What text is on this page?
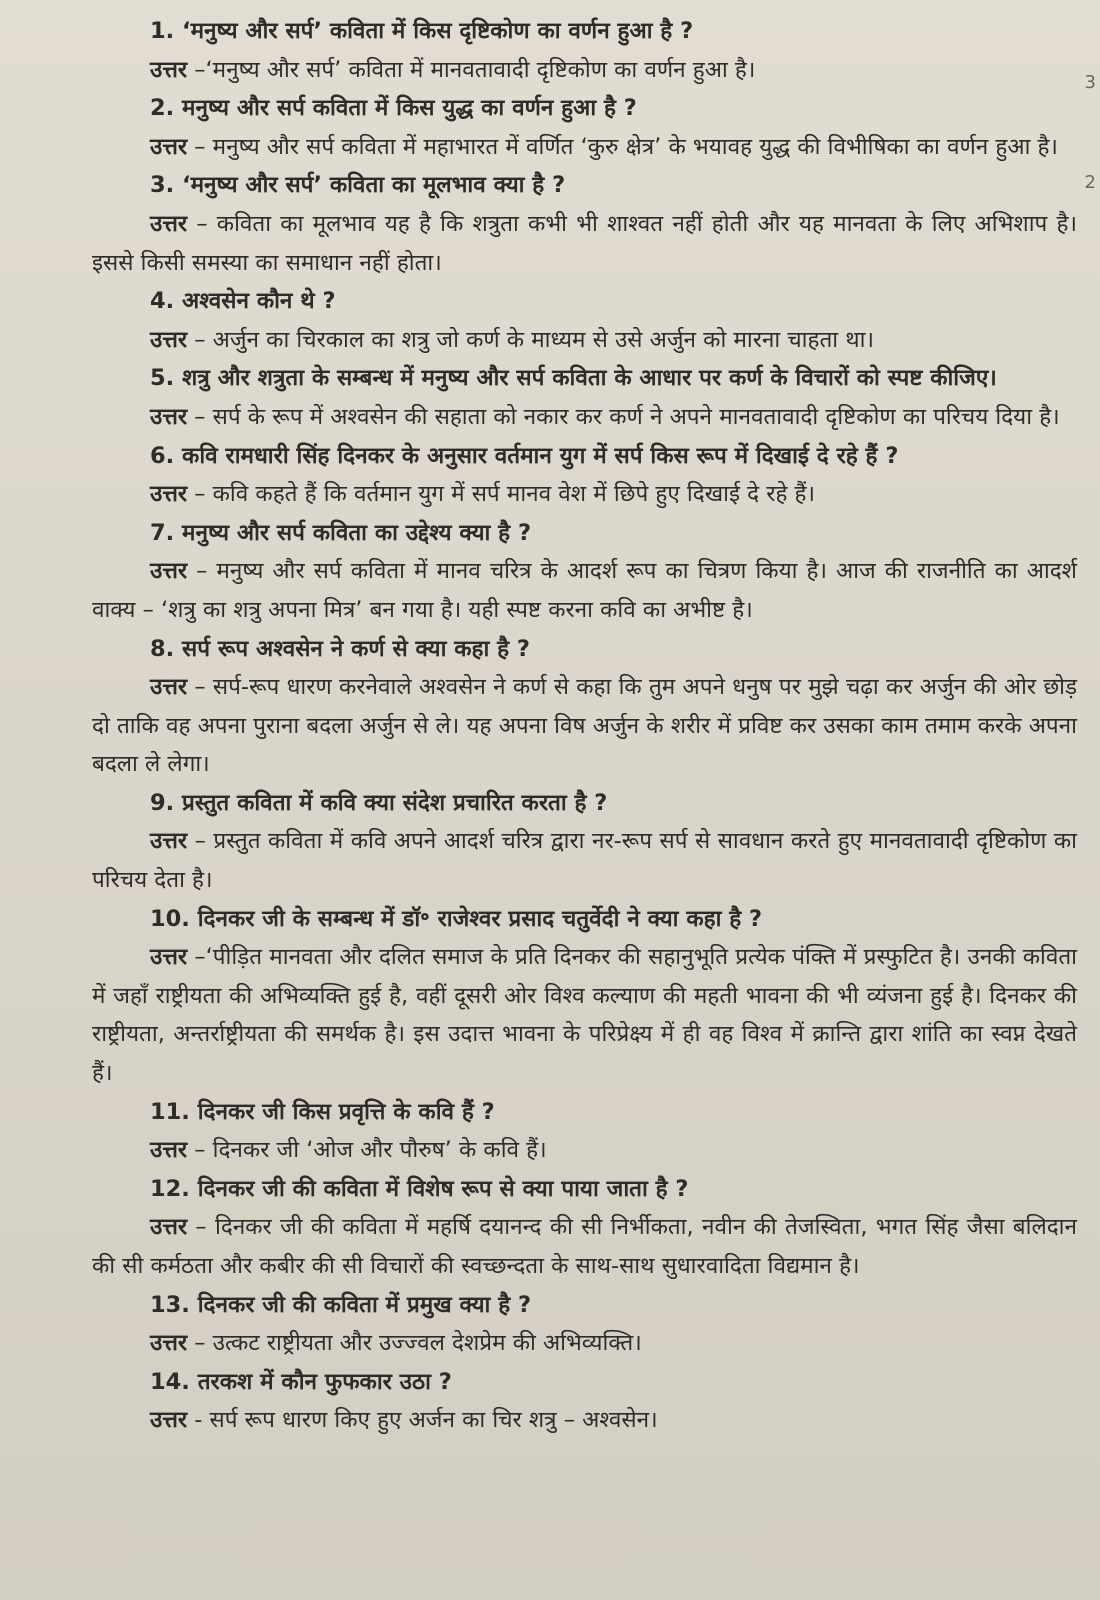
3
2

1. ‘मनुष्य और सर्प’ कविता में किस दृष्टिकोण का वर्णन हुआ है ?

उत्तर –‘मनुष्य और सर्प’ कविता में मानवतावादी दृष्टिकोण का वर्णन हुआ है।

2. मनुष्य और सर्प कविता में किस युद्ध का वर्णन हुआ है ?

उत्तर – मनुष्य और सर्प कविता में महाभारत में वर्णित ‘कुरु क्षेत्र’ के भयावह युद्ध की विभीषिका का वर्णन हुआ है।

3. ‘मनुष्य और सर्प’ कविता का मूलभाव क्या है ?

उत्तर – कविता का मूलभाव यह है कि शत्रुता कभी भी शाश्वत नहीं होती और यह मानवता के लिए अभिशाप है। इससे किसी समस्या का समाधान नहीं होता।

4. अश्वसेन कौन थे ?

उत्तर – अर्जुन का चिरकाल का शत्रु जो कर्ण के माध्यम से उसे अर्जुन को मारना चाहता था।

5. शत्रु और शत्रुता के सम्बन्ध में मनुष्य और सर्प कविता के आधार पर कर्ण के विचारों को स्पष्ट कीजिए।

उत्तर – सर्प के रूप में अश्वसेन की सहाता को नकार कर कर्ण ने अपने मानवतावादी दृष्टिकोण का परिचय दिया है।

6. कवि रामधारी सिंह दिनकर के अनुसार वर्तमान युग में सर्प किस रूप में दिखाई दे रहे हैं ?

उत्तर – कवि कहते हैं कि वर्तमान युग में सर्प मानव वेश में छिपे हुए दिखाई दे रहे हैं।

7. मनुष्य और सर्प कविता का उद्देश्य क्या है ?

उत्तर – मनुष्य और सर्प कविता में मानव चरित्र के आदर्श रूप का चित्रण किया है। आज की राजनीति का आदर्श वाक्य – ‘शत्रु का शत्रु अपना मित्र’ बन गया है। यही स्पष्ट करना कवि का अभीष्ट है।

8. सर्प रूप अश्वसेन ने कर्ण से क्या कहा है ?

उत्तर – सर्प-रूप धारण करनेवाले अश्वसेन ने कर्ण से कहा कि तुम अपने धनुष पर मुझे चढ़ा कर अर्जुन की ओर छोड़ दो ताकि वह अपना पुराना बदला अर्जुन से ले। यह अपना विष अर्जुन के शरीर में प्रविष्ट कर उसका काम तमाम करके अपना बदला ले लेगा।

9. प्रस्तुत कविता में कवि क्या संदेश प्रचारित करता है ?

उत्तर – प्रस्तुत कविता में कवि अपने आदर्श चरित्र द्वारा नर-रूप सर्प से सावधान करते हुए मानवतावादी दृष्टिकोण का परिचय देता है।

10. दिनकर जी के सम्बन्ध में डॉ॰ राजेश्वर प्रसाद चतुर्वेदी ने क्या कहा है ?

उत्तर –‘पीड़ित मानवता और दलित समाज के प्रति दिनकर की सहानुभूति प्रत्येक पंक्ति में प्रस्फुटित है। उनकी कविता में जहाँ राष्ट्रीयता की अभिव्यक्ति हुई है, वहीं दूसरी ओर विश्व कल्याण की महती भावना की भी व्यंजना हुई है। दिनकर की राष्ट्रीयता, अन्तर्राष्ट्रीयता की समर्थक है। इस उदात्त भावना के परिप्रेक्ष्य में ही वह विश्व में क्रान्ति द्वारा शांति का स्वप्न देखते हैं।

11. दिनकर जी किस प्रवृत्ति के कवि हैं ?

उत्तर – दिनकर जी ‘ओज और पौरुष’ के कवि हैं।

12. दिनकर जी की कविता में विशेष रूप से क्या पाया जाता है ?

उत्तर – दिनकर जी की कविता में महर्षि दयानन्द की सी निर्भीकता, नवीन की तेजस्विता, भगत सिंह जैसा बलिदान की सी कर्मठता और कबीर की सी विचारों की स्वच्छन्दता के साथ-साथ सुधारवादिता विद्यमान है।

13. दिनकर जी की कविता में प्रमुख क्या है ?

उत्तर – उत्कट राष्ट्रीयता और उज्ज्वल देशप्रेम की अभिव्यक्ति।

14. तरकश में कौन फुफकार उठा ?

उत्तर - सर्प रूप धारण किए हुए अर्जन का चिर शत्रु – अश्वसेन।
